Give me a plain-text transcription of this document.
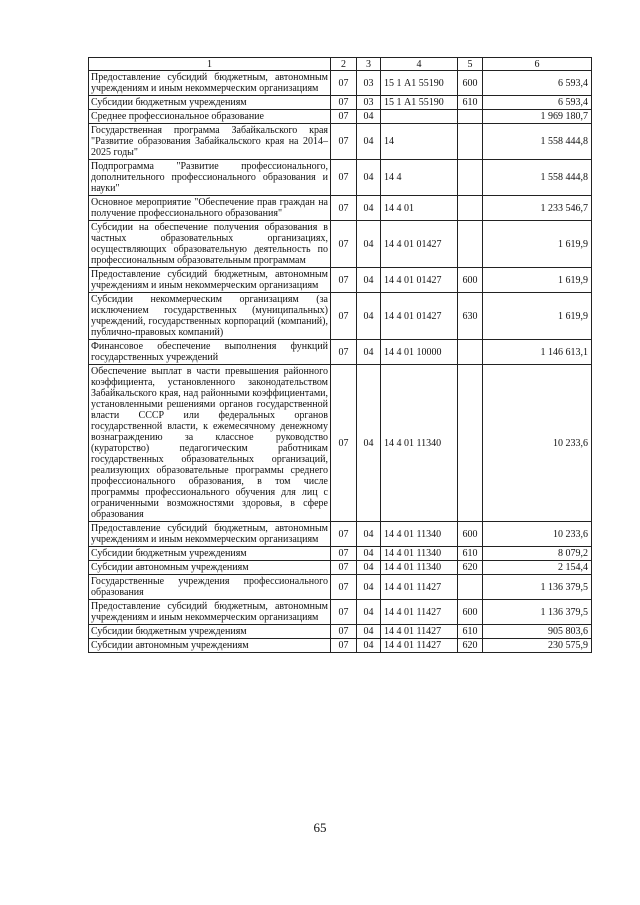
1	2	3	4	5	6
Предоставление субсидий бюджетным, автономным учреждениям и иным некоммерческим организациям	07	03	15 1 А1 55190	600	6 593,4
Субсидии бюджетным учреждениям	07	03	15 1 А1 55190	610	6 593,4
Среднее профессиональное образование	07	04			1 969 180,7
Государственная программа Забайкальского края "Развитие образования Забайкальского края на 2014–2025 годы"	07	04	14		1 558 444,8
Подпрограмма "Развитие профессионального, дополнительного профессионального образования и науки"	07	04	14 4		1 558 444,8
Основное мероприятие "Обеспечение прав граждан на получение профессионального образования"	07	04	14 4 01		1 233 546,7
Субсидии на обеспечение получения образования в частных образовательных организациях, осуществляющих образовательную деятельность по профессиональным образовательным программам	07	04	14 4 01 01427		1 619,9
Предоставление субсидий бюджетным, автономным учреждениям и иным некоммерческим организациям	07	04	14 4 01 01427	600	1 619,9
Субсидии некоммерческим организациям (за исключением государственных (муниципальных) учреждений, государственных корпораций (компаний), публично-правовых компаний)	07	04	14 4 01 01427	630	1 619,9
Финансовое обеспечение выполнения функций государственных учреждений	07	04	14 4 01 10000		1 146 613,1
Обеспечение выплат в части превышения районного коэффициента, установленного законодательством Забайкальского края, над районными коэффициентами, установленными решениями органов государственной власти СССР или федеральных органов государственной власти, к ежемесячному денежному вознаграждению за классное руководство (кураторство) педагогическим работникам государственных образовательных организаций, реализующих образовательные программы среднего профессионального образования, в том числе программы профессионального обучения для лиц с ограниченными возможностями здоровья, в сфере образования	07	04	14 4 01 11340		10 233,6
Предоставление субсидий бюджетным, автономным учреждениям и иным некоммерческим организациям	07	04	14 4 01 11340	600	10 233,6
Субсидии бюджетным учреждениям	07	04	14 4 01 11340	610	8 079,2
Субсидии автономным учреждениям	07	04	14 4 01 11340	620	2 154,4
Государственные учреждения профессионального образования	07	04	14 4 01 11427		1 136 379,5
Предоставление субсидий бюджетным, автономным учреждениям и иным некоммерческим организациям	07	04	14 4 01 11427	600	1 136 379,5
Субсидии бюджетным учреждениям	07	04	14 4 01 11427	610	905 803,6
Субсидии автономным учреждениям	07	04	14 4 01 11427	620	230 575,9
65
